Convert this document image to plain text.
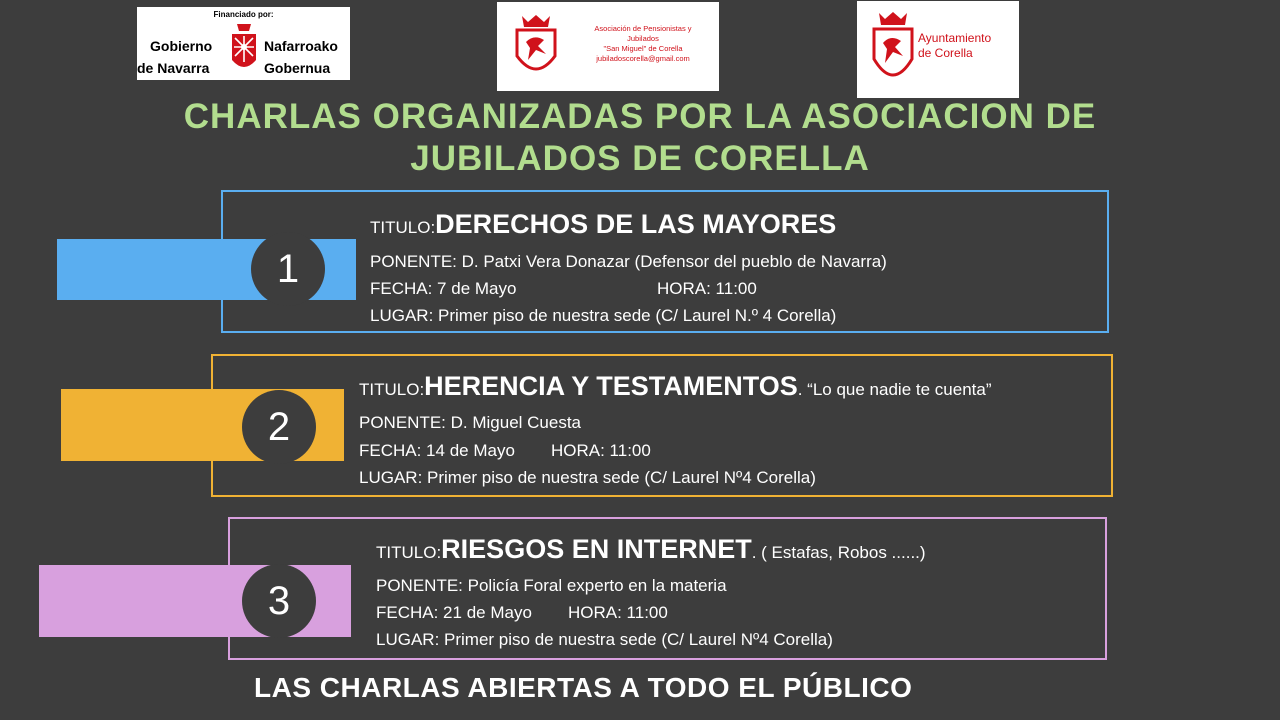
Financiado por:
Gobierno
de Navarra
Nafarroako
Gobernua
Asociación de Pensionistas y
Jubilados
"San Miguel" de Corella
jubiladoscorella@gmail.com
Ayuntamiento
de Corella
CHARLAS ORGANIZADAS POR LA ASOCIACION DE
JUBILADOS DE CORELLA
1
TITULO:DERECHOS DE LAS MAYORES
PONENTE: D. Patxi Vera Donazar (Defensor del pueblo de Navarra)
FECHA: 7 de Mayo	HORA: 11:00
LUGAR: Primer piso de nuestra sede (C/ Laurel N.º 4 Corella)
2
TITULO:HERENCIA Y TESTAMENTOS. “Lo que nadie te cuenta”
PONENTE: D. Miguel Cuesta
FECHA: 14 de Mayo HORA: 11:00
LUGAR: Primer piso de nuestra sede (C/ Laurel Nº4 Corella)
3
TITULO:RIESGOS EN INTERNET. ( Estafas, Robos ......)
PONENTE: Policía Foral experto en la materia
FECHA: 21 de Mayo HORA: 11:00
LUGAR: Primer piso de nuestra sede (C/ Laurel Nº4 Corella)
LAS CHARLAS ABIERTAS A TODO EL PÚBLICO
